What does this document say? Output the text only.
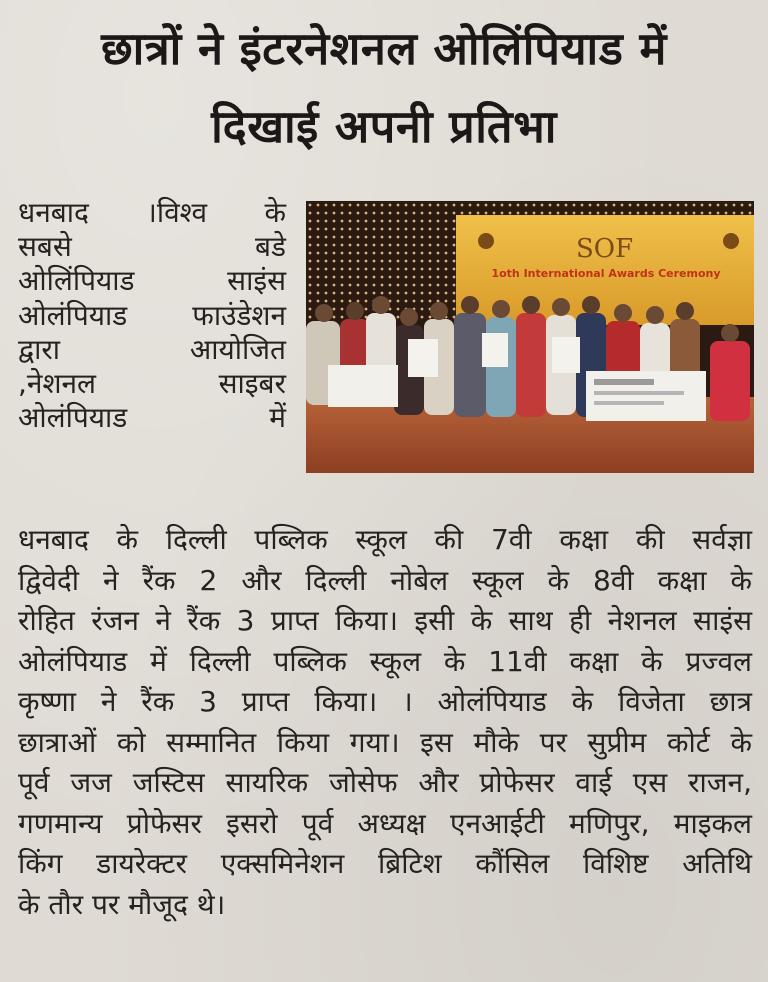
छात्रों ने इंटरनेशनल ओलिंपियाड में
दिखाई अपनी प्रतिभा
धनबाद ।विश्व के
सबसे बडे
ओलिंपियाड साइंस
ओलंपियाड फाउंडेशन
द्वारा आयोजित
,नेशनल साइबर
ओलंपियाड में
SOF
1oth International Awards Ceremony
धनबाद के दिल्ली पब्लिक स्कूल की 7वी कक्षा की सर्वज्ञा
द्विवेदी ने रैंक 2 और दिल्ली नोबेल स्कूल के 8वी कक्षा के
रोहित रंजन ने रैंक 3 प्राप्त किया। इसी के साथ ही नेशनल साइंस
ओलंपियाड में दिल्ली पब्लिक स्कूल के 11वी कक्षा के प्रज्वल
कृष्णा ने रैंक 3 प्राप्त किया। । ओलंपियाड के विजेता छात्र
छात्राओं को सम्मानित किया गया। इस मौके पर सुप्रीम कोर्ट के
पूर्व जज जस्टिस सायरिक जोसेफ और प्रोफेसर वाई एस राजन,
गणमान्य प्रोफेसर इसरो पूर्व अध्यक्ष एनआईटी मणिपुर, माइकल
किंग डायरेक्टर एक्समिनेशन ब्रिटिश कौंसिल विशिष्ट अतिथि
के तौर पर मौजूद थे।
